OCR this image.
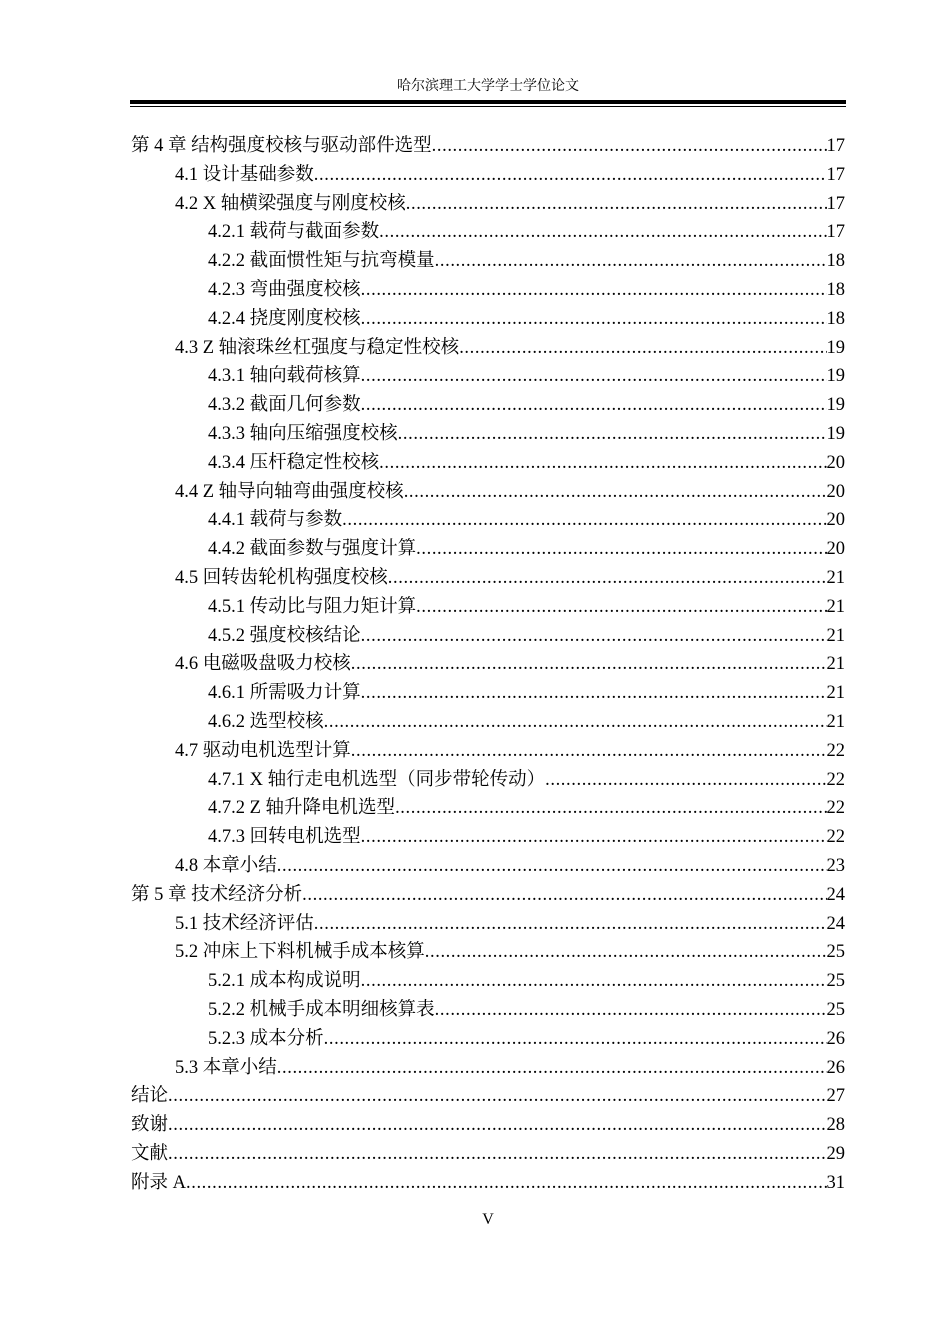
哈尔滨理工大学学士学位论文
第 4 章 结构强度校核与驱动部件选型 .....	17
4.1 设计基础参数 .....	17
4.2 X 轴横梁强度与刚度校核 .....	17
4.2.1 载荷与截面参数 .....	17
4.2.2 截面惯性矩与抗弯模量 .....	18
4.2.3 弯曲强度校核 .....	18
4.2.4 挠度刚度校核 .....	18
4.3 Z 轴滚珠丝杠强度与稳定性校核 .....	19
4.3.1 轴向载荷核算 .....	19
4.3.2 截面几何参数 .....	19
4.3.3 轴向压缩强度校核 .....	19
4.3.4 压杆稳定性校核 .....	20
4.4 Z 轴导向轴弯曲强度校核 .....	20
4.4.1 载荷与参数 .....	20
4.4.2 截面参数与强度计算 .....	20
4.5 回转齿轮机构强度校核 .....	21
4.5.1 传动比与阻力矩计算 .....	21
4.5.2 强度校核结论 .....	21
4.6 电磁吸盘吸力校核 .....	21
4.6.1 所需吸力计算 .....	21
4.6.2 选型校核 .....	21
4.7 驱动电机选型计算 .....	22
4.7.1 X 轴行走电机选型（同步带轮传动） .....	22
4.7.2 Z 轴升降电机选型 .....	22
4.7.3 回转电机选型 .....	22
4.8 本章小结 .....	23
第 5 章 技术经济分析 .....	24
5.1 技术经济评估 .....	24
5.2 冲床上下料机械手成本核算 .....	25
5.2.1 成本构成说明 .....	25
5.2.2 机械手成本明细核算表 .....	25
5.2.3 成本分析 .....	26
5.3 本章小结 .....	26
结论 .....	27
致谢 .....	28
文献 .....	29
附录 A .....	31
V
